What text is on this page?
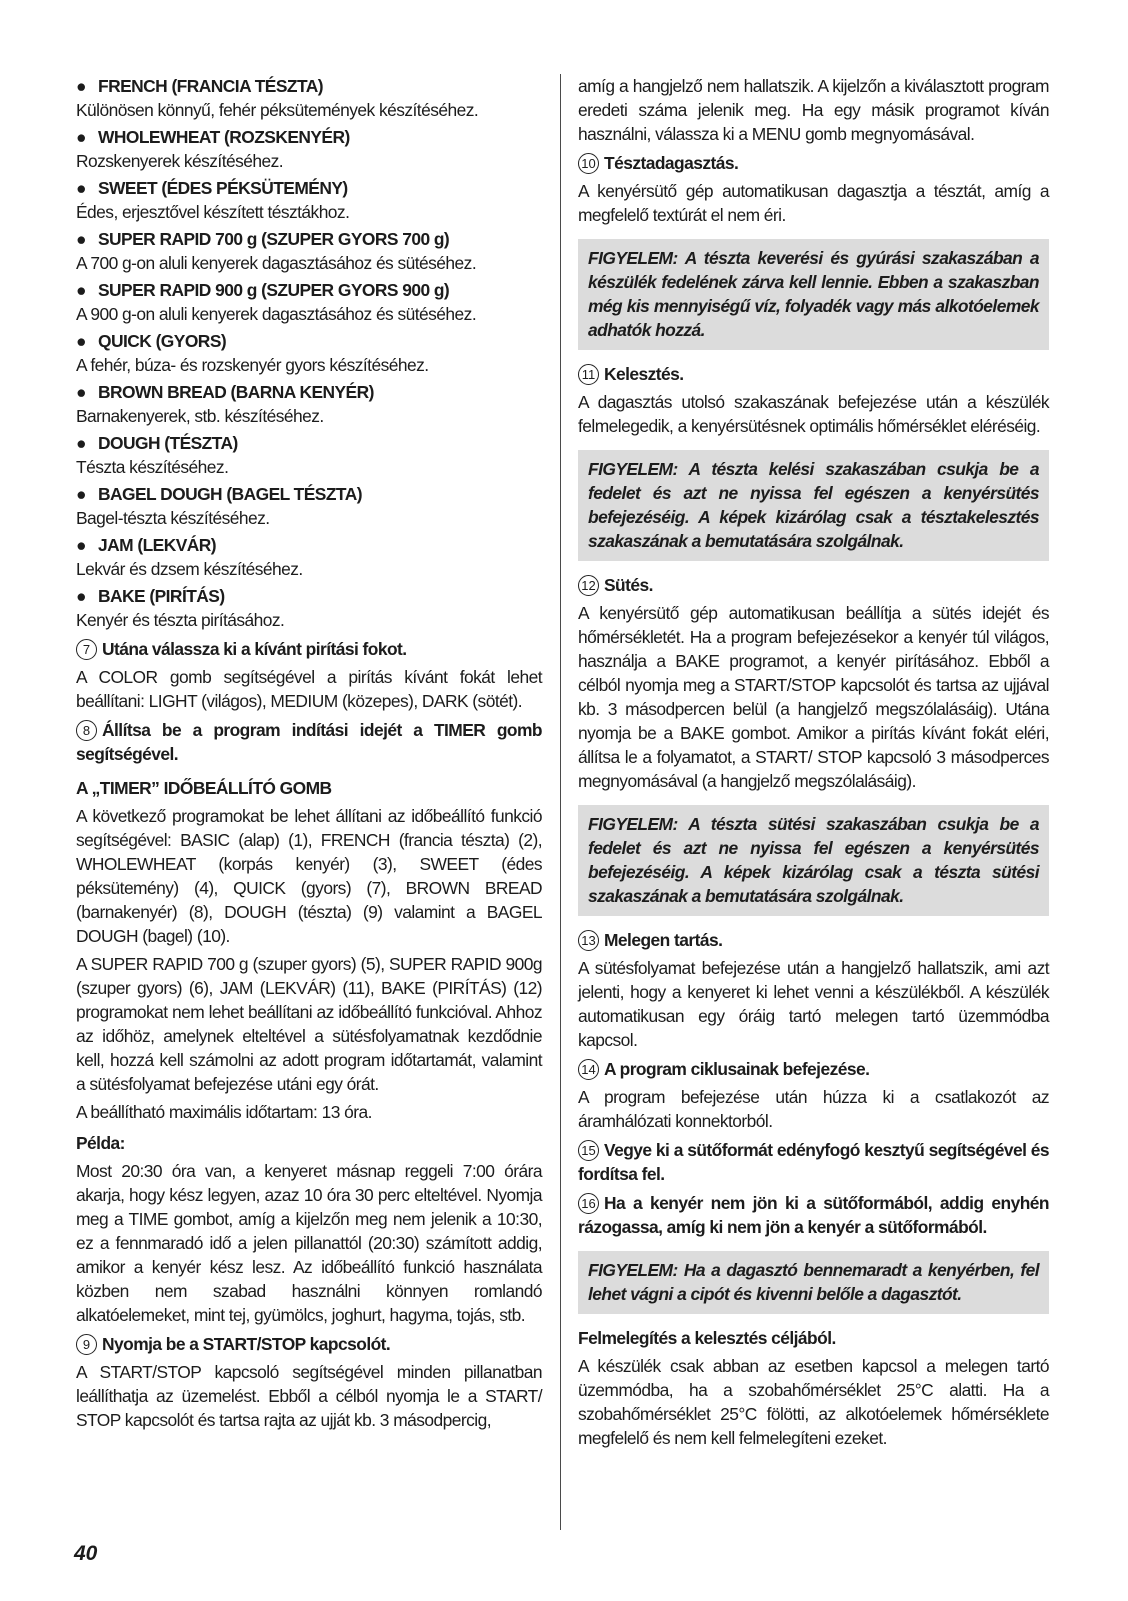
● FRENCH (FRANCIA TÉSZTA)

Különösen könnyű, fehér péksütemények készítéséhez.

● WHOLEWHEAT (ROZSKENYÉR)

Rozskenyerek készítéséhez.

● SWEET (ÉDES PÉKSÜTEMÉNY)

Édes, erjesztővel készített tésztákhoz.

● SUPER RAPID 700 g (SZUPER GYORS 700 g)

A 700 g-on aluli kenyerek dagasztásához és sütéséhez.

● SUPER RAPID 900 g (SZUPER GYORS 900 g)

A 900 g-on aluli kenyerek dagasztásához és sütéséhez.

● QUICK (GYORS)

A fehér, búza- és rozskenyér gyors készítéséhez.

● BROWN BREAD (BARNA KENYÉR)

Barnakenyerek, stb. készítéséhez.

● DOUGH (TÉSZTA)

Tészta készítéséhez.

● BAGEL DOUGH (BAGEL TÉSZTA)

Bagel-tészta készítéséhez.

● JAM (LEKVÁR)

Lekvár és dzsem készítéséhez.

● BAKE (PIRÍTÁS)

Kenyér és tészta pirításához.

7 Utána válassza ki a kívánt pirítási fokot.

A COLOR gomb segítségével a pirítás kívánt fokát lehet beállítani: LIGHT (világos), MEDIUM (közepes), DARK (sötét).

8 Állítsa be a program indítási idejét a TIMER gomb segítségével.

A „TIMER” IDŐBEÁLLÍTÓ GOMB

A következő programokat be lehet állítani az időbeállító funkció segítségével: BASIC (alap) (1), FRENCH (francia tészta) (2), WHOLEWHEAT (korpás kenyér) (3), SWEET (édes péksütemény) (4), QUICK (gyors) (7), BROWN BREAD (barnakenyér) (8), DOUGH (tészta) (9) valamint a BAGEL DOUGH (bagel) (10).

A SUPER RAPID 700 g (szuper gyors) (5), SUPER RAPID 900g (szuper gyors) (6), JAM (LEKVÁR) (11), BAKE (PIRÍTÁS) (12) programokat nem lehet beállítani az időbeállító funkcióval. Ahhoz az időhöz, amelynek elteltével a sütésfolyamatnak kezdődnie kell, hozzá kell számolni az adott program időtartamát, valamint a sütésfolyamat befejezése utáni egy órát.

A beállítható maximális időtartam: 13 óra.

Példa:

Most 20:30 óra van, a kenyeret másnap reggeli 7:00 órára akarja, hogy kész legyen, azaz 10 óra 30 perc elteltével. Nyomja meg a TIME gombot, amíg a kijelzőn meg nem jelenik a 10:30, ez a fennmaradó idő a jelen pillanattól (20:30) számított addig, amikor a kenyér kész lesz. Az időbeállító funkció használata közben nem szabad használni könnyen romlandó alkatóelemeket, mint tej, gyümölcs, joghurt, hagyma, tojás, stb.

9 Nyomja be a START/STOP kapcsolót.

A START/STOP kapcsoló segítségével minden pillanatban leállíthatja az üzemelést. Ebből a célból nyomja le a START/ STOP kapcsolót és tartsa rajta az ujját kb. 3 másodpercig,

amíg a hangjelző nem hallatszik. A kijelzőn a kiválasztott program eredeti száma jelenik meg. Ha egy másik programot kíván használni, válassza ki a MENU gomb megnyomásával.

10 Tésztadagasztás.

A kenyérsütő gép automatikusan dagasztja a tésztát, amíg a megfelelő textúrát el nem éri.

FIGYELEM: A tészta keverési és gyúrási szakaszában a készülék fedelének zárva kell lennie. Ebben a szakaszban még kis mennyiségű víz, folyadék vagy más alkotóelemek adhatók hozzá.

11 Kelesztés.

A dagasztás utolsó szakaszának befejezése után a készülék felmelegedik, a kenyérsütésnek optimális hőmérséklet eléréséig.

FIGYELEM: A tészta kelési szakaszában csukja be a fedelet és azt ne nyissa fel egészen a kenyérsütés befejezéséig. A képek kizárólag csak a tésztakelesztés szakaszának a bemutatására szolgálnak.

12 Sütés.

A kenyérsütő gép automatikusan beállítja a sütés idejét és hőmérsékletét. Ha a program befejezésekor a kenyér túl világos, használja a BAKE programot, a kenyér pirításához. Ebből a célból nyomja meg a START/STOP kapcsolót és tartsa az ujjával kb. 3 másodpercen belül (a hangjelző megszólalásáig). Utána nyomja be a BAKE gombot. Amikor a pirítás kívánt fokát eléri, állítsa le a folyamatot, a START/ STOP kapcsoló 3 másodperces megnyomásával (a hangjelző megszólalásáig).

FIGYELEM: A tészta sütési szakaszában csukja be a fedelet és azt ne nyissa fel egészen a kenyérsütés befejezéséig. A képek kizárólag csak a tészta sütési szakaszának a bemutatására szolgálnak.

13 Melegen tartás.

A sütésfolyamat befejezése után a hangjelző hallatszik, ami azt jelenti, hogy a kenyeret ki lehet venni a készülékből. A készülék automatikusan egy óráig tartó melegen tartó üzemmódba kapcsol.

14 A program ciklusainak befejezése.

A program befejezése után húzza ki a csatlakozót az áramhálózati konnektorból.

15 Vegye ki a sütőformát edényfogó kesztyű segítségével és fordítsa fel.

16 Ha a kenyér nem jön ki a sütőformából, addig enyhén rázogassa, amíg ki nem jön a kenyér a sütőformából.

FIGYELEM: Ha a dagasztó bennemaradt a kenyérben, fel lehet vágni a cipót és kivenni belőle a dagasztót.

Felmelegítés a kelesztés céljából.

A készülék csak abban az esetben kapcsol a melegen tartó üzemmódba, ha a szobahőmérséklet 25°C alatti. Ha a szobahőmérséklet 25°C fölötti, az alkotóelemek hőmérséklete megfelelő és nem kell felmelegíteni ezeket.

40
